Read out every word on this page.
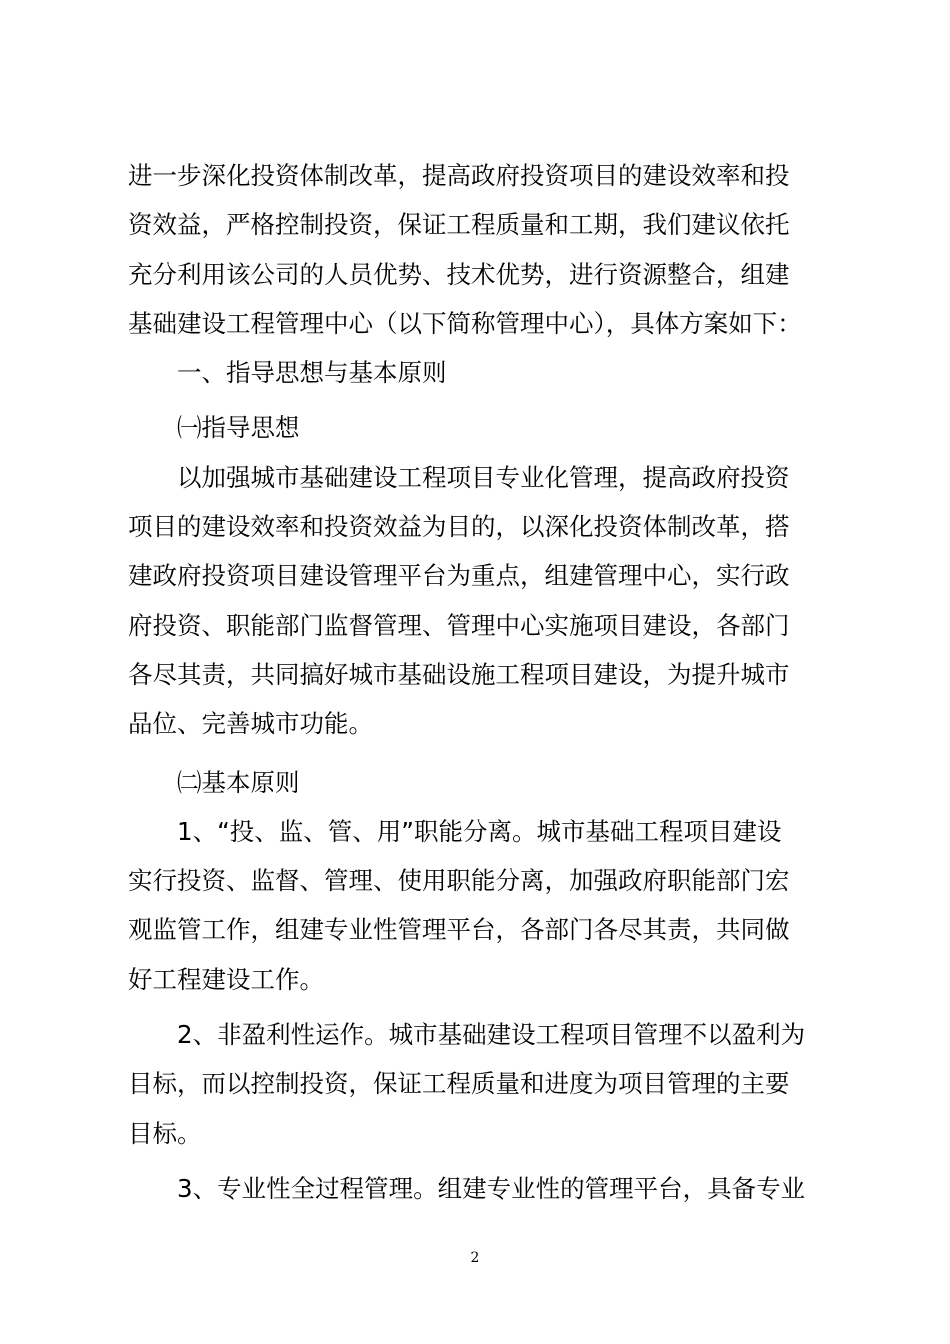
进一步深化投资体制改革，提高政府投资项目的建设效率和投
资效益，严格控制投资，保证工程质量和工期，我们建议依托
充分利用该公司的人员优势、技术优势，进行资源整合，组建
基础建设工程管理中心（以下简称管理中心），具体方案如下：

一、指导思想与基本原则

㈠指导思想

以加强城市基础建设工程项目专业化管理，提高政府投资
项目的建设效率和投资效益为目的，以深化投资体制改革，搭
建政府投资项目建设管理平台为重点，组建管理中心，实行政
府投资、职能部门监督管理、管理中心实施项目建设，各部门
各尽其责，共同搞好城市基础设施工程项目建设，为提升城市
品位、完善城市功能。

㈡基本原则

1、“投、监、管、用”职能分离。城市基础工程项目建设
实行投资、监督、管理、使用职能分离，加强政府职能部门宏
观监管工作，组建专业性管理平台，各部门各尽其责，共同做
好工程建设工作。

2、非盈利性运作。城市基础建设工程项目管理不以盈利为
目标，而以控制投资，保证工程质量和进度为项目管理的主要
目标。

3、专业性全过程管理。组建专业性的管理平台，具备专业

2
